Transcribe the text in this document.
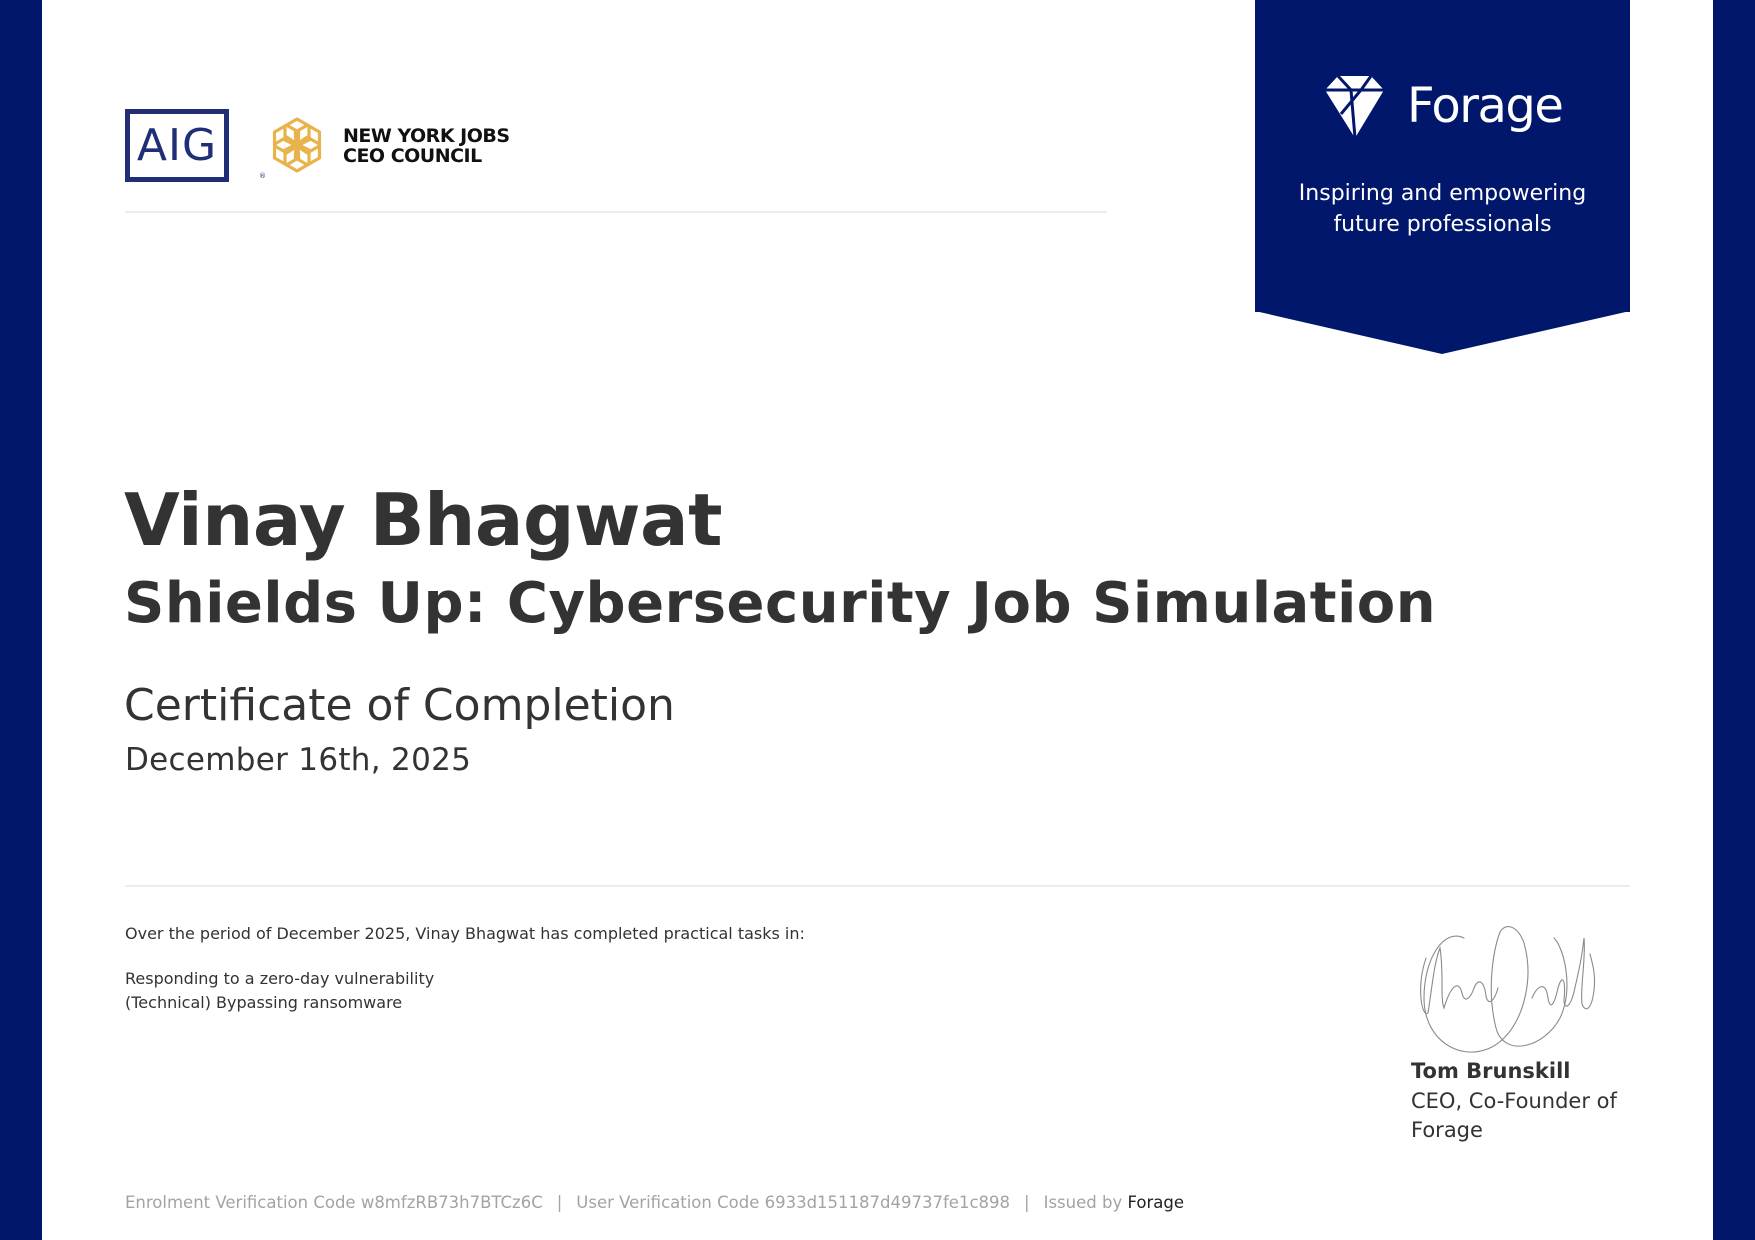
AIG
®
NEW YORK JOBS
CEO COUNCIL
Forage
Inspiring and empowering
future professionals
Vinay Bhagwat
Shields Up: Cybersecurity Job Simulation
Certificate of Completion
December 16th, 2025
Over the period of December 2025, Vinay Bhagwat has completed practical tasks in:
Responding to a zero-day vulnerability
(Technical) Bypassing ransomware
Tom Brunskill
CEO, Co-Founder of Forage
Enrolment Verification Code w8mfzRB73h7BTCz6C | User Verification Code 6933d151187d49737fe1c898 | Issued by Forage
